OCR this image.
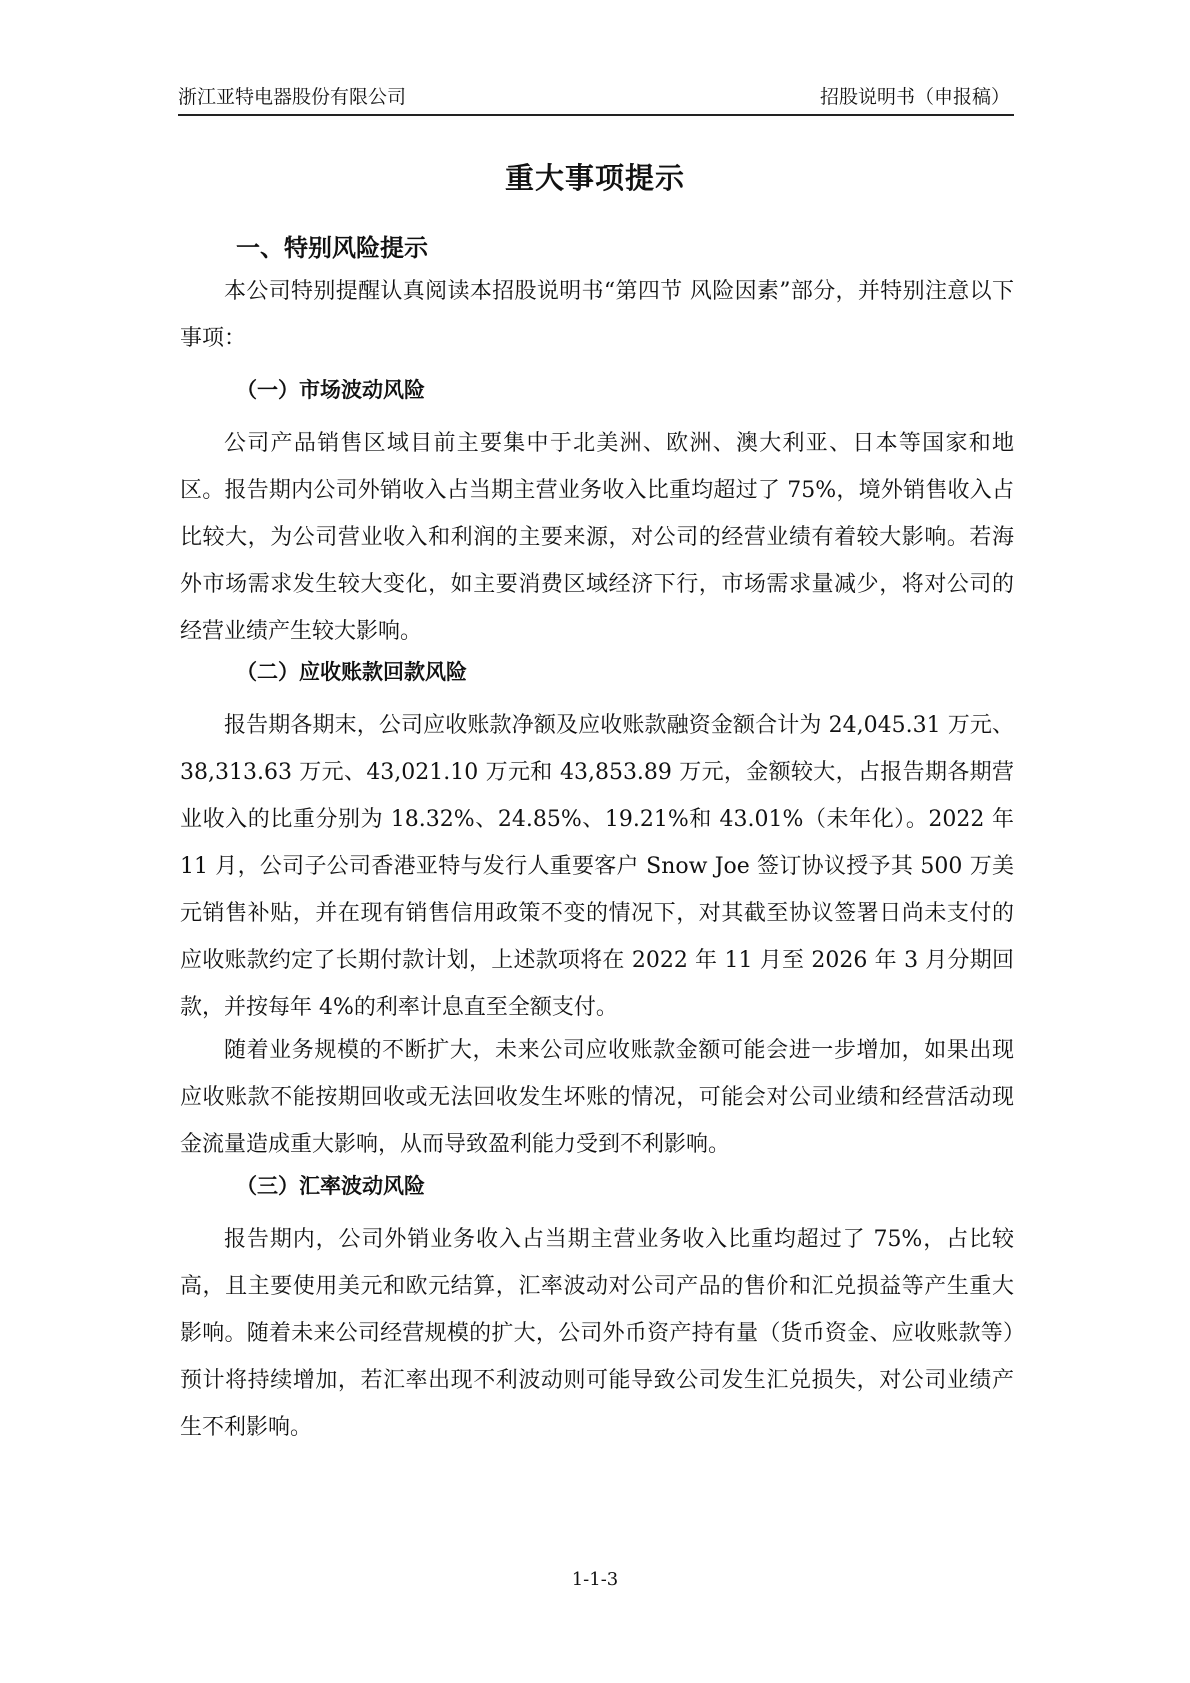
浙江亚特电器股份有限公司	招股说明书（申报稿）
重大事项提示
一、特别风险提示

本公司特别提醒认真阅读本招股说明书“第四节 风险因素”部分，并特别注意以下事项：

（一）市场波动风险

公司产品销售区域目前主要集中于北美洲、欧洲、澳大利亚、日本等国家和地区。报告期内公司外销收入占当期主营业务收入比重均超过了 75%，境外销售收入占比较大，为公司营业收入和利润的主要来源，对公司的经营业绩有着较大影响。若海外市场需求发生较大变化，如主要消费区域经济下行，市场需求量减少，将对公司的经营业绩产生较大影响。

（二）应收账款回款风险

报告期各期末，公司应收账款净额及应收账款融资金额合计为 24,045.31 万元、38,313.63 万元、43,021.10 万元和 43,853.89 万元，金额较大，占报告期各期营业收入的比重分别为 18.32%、24.85%、19.21%和 43.01%（未年化）。2022 年 11 月，公司子公司香港亚特与发行人重要客户 Snow Joe 签订协议授予其 500 万美元销售补贴，并在现有销售信用政策不变的情况下，对其截至协议签署日尚未支付的应收账款约定了长期付款计划，上述款项将在 2022 年 11 月至 2026 年 3 月分期回款，并按每年 4%的利率计息直至全额支付。

随着业务规模的不断扩大，未来公司应收账款金额可能会进一步增加，如果出现应收账款不能按期回收或无法回收发生坏账的情况，可能会对公司业绩和经营活动现金流量造成重大影响，从而导致盈利能力受到不利影响。

（三）汇率波动风险

报告期内，公司外销业务收入占当期主营业务收入比重均超过了 75%，占比较高，且主要使用美元和欧元结算，汇率波动对公司产品的售价和汇兑损益等产生重大影响。随着未来公司经营规模的扩大，公司外币资产持有量（货币资金、应收账款等）预计将持续增加，若汇率出现不利波动则可能导致公司发生汇兑损失，对公司业绩产生不利影响。

1-1-3
